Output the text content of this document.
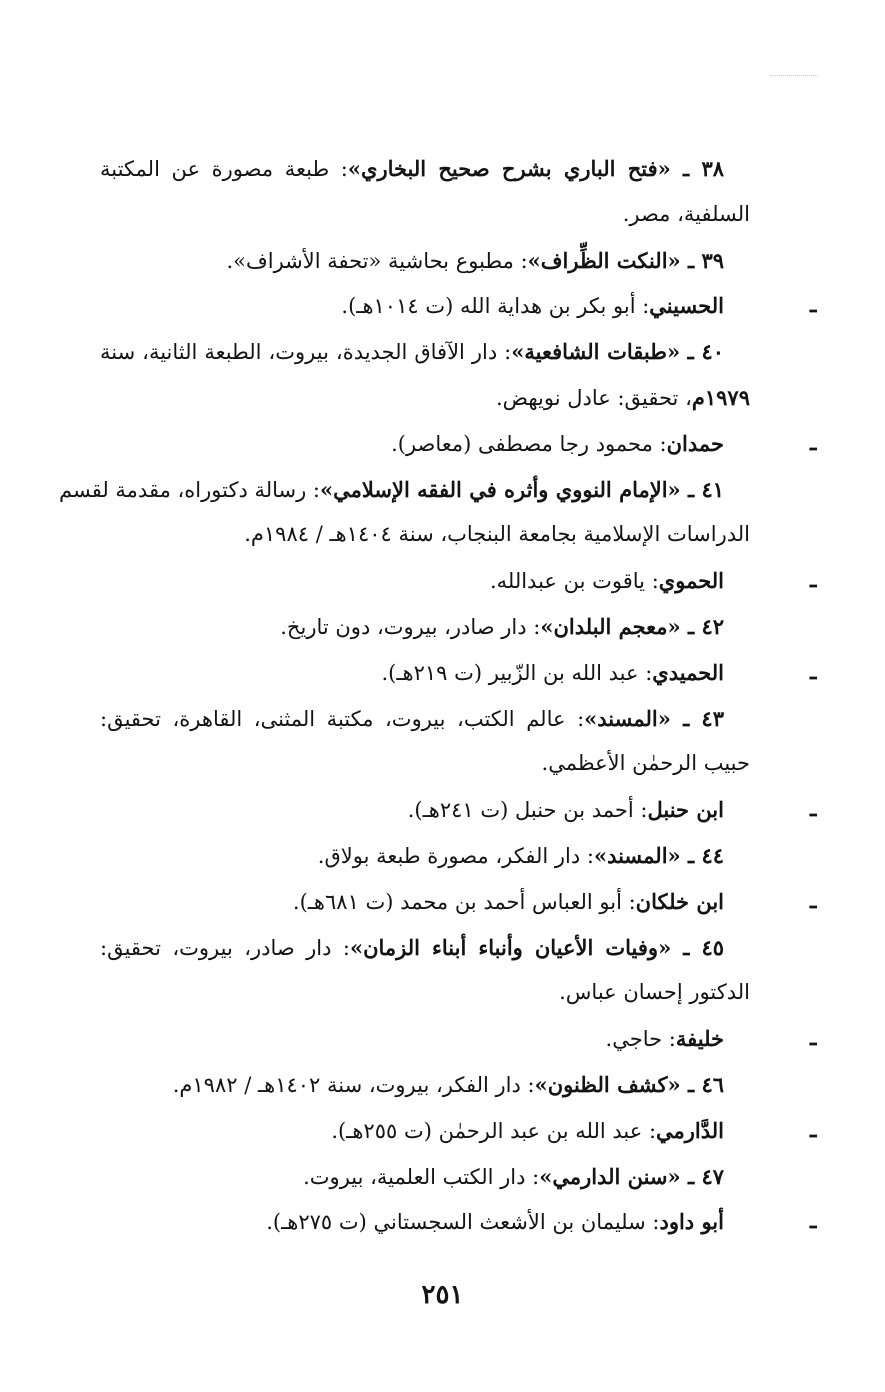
٣٨ ـ «فتح الباري بشرح صحيح البخاري»: طبعة مصورة عن المكتبة
السلفية، مصر.
٣٩ ـ «النكت الظِّراف»: مطبوع بحاشية «تحفة الأشراف».
ـ
الحسيني: أبو بكر بن هداية الله (ت ١٠١٤هـ).
٤٠ ـ «طبقات الشافعية»: دار الآفاق الجديدة، بيروت، الطبعة الثانية، سنة
١٩٧٩م، تحقيق: عادل نويهض.
ـ
حمدان: محمود رجا مصطفى (معاصر).
٤١ ـ «الإمام النووي وأثره في الفقه الإسلامي»: رسالة دكتوراه، مقدمة لقسم
الدراسات الإسلامية بجامعة البنجاب، سنة ١٤٠٤هـ / ١٩٨٤م.
ـ
الحموي: ياقوت بن عبدالله.
٤٢ ـ «معجم البلدان»: دار صادر، بيروت، دون تاريخ.
ـ
الحميدي: عبد الله بن الزّبير (ت ٢١٩هـ).
٤٣ ـ «المسند»: عالم الكتب، بيروت، مكتبة المثنى، القاهرة، تحقيق:
حبيب الرحمٰن الأعظمي.
ـ
ابن حنبل: أحمد بن حنبل (ت ٢٤١هـ).
٤٤ ـ «المسند»: دار الفكر، مصورة طبعة بولاق.
ـ
ابن خلكان: أبو العباس أحمد بن محمد (ت ٦٨١هـ).
٤٥ ـ «وفيات الأعيان وأنباء أبناء الزمان»: دار صادر، بيروت، تحقيق:
الدكتور إحسان عباس.
ـ
خليفة: حاجي.
٤٦ ـ «كشف الظنون»: دار الفكر، بيروت، سنة ١٤٠٢هـ / ١٩٨٢م.
ـ
الدَّارمي: عبد الله بن عبد الرحمٰن (ت ٢٥٥هـ).
٤٧ ـ «سنن الدارمي»: دار الكتب العلمية، بيروت.
ـ
أبو داود: سليمان بن الأشعث السجستاني (ت ٢٧٥هـ).
٢٥١
